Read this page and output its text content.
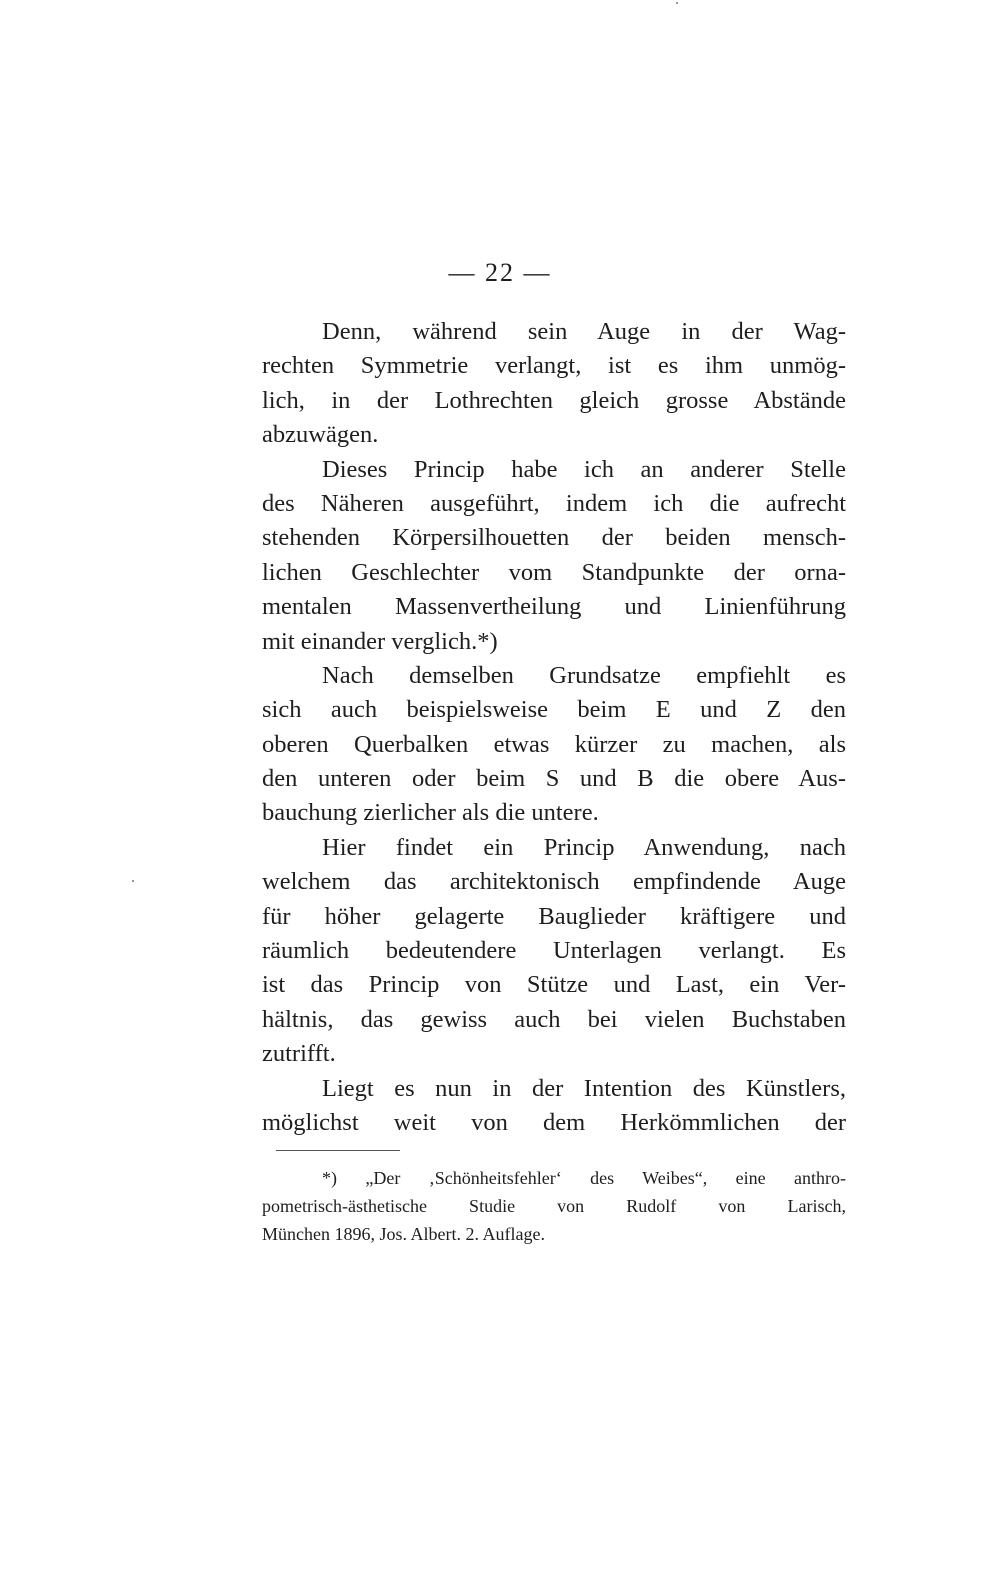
— 22 —
Denn, während sein Auge in der Wag-
rechten Symmetrie verlangt, ist es ihm unmög-
lich, in der Lothrechten gleich grosse Abstände
abzuwägen.
Dieses Princip habe ich an anderer Stelle
des Näheren ausgeführt, indem ich die aufrecht
stehenden Körpersilhouetten der beiden mensch-
lichen Geschlechter vom Standpunkte der orna-
mentalen Massenvertheilung und Linienführung
mit einander verglich.*)
Nach demselben Grundsatze empfiehlt es
sich auch beispielsweise beim E und Z den
oberen Querbalken etwas kürzer zu machen, als
den unteren oder beim S und B die obere Aus-
bauchung zierlicher als die untere.
Hier findet ein Princip Anwendung, nach
welchem das architektonisch empfindende Auge
für höher gelagerte Bauglieder kräftigere und
räumlich bedeutendere Unterlagen verlangt. Es
ist das Princip von Stütze und Last, ein Ver-
hältnis, das gewiss auch bei vielen Buchstaben
zutrifft.
Liegt es nun in der Intention des Künstlers,
möglichst weit von dem Herkömmlichen der
*) „Der ‚Schönheitsfehler‘ des Weibes“, eine anthro-
pometrisch-ästhetische Studie von Rudolf von Larisch,
München 1896, Jos. Albert. 2. Auflage.
